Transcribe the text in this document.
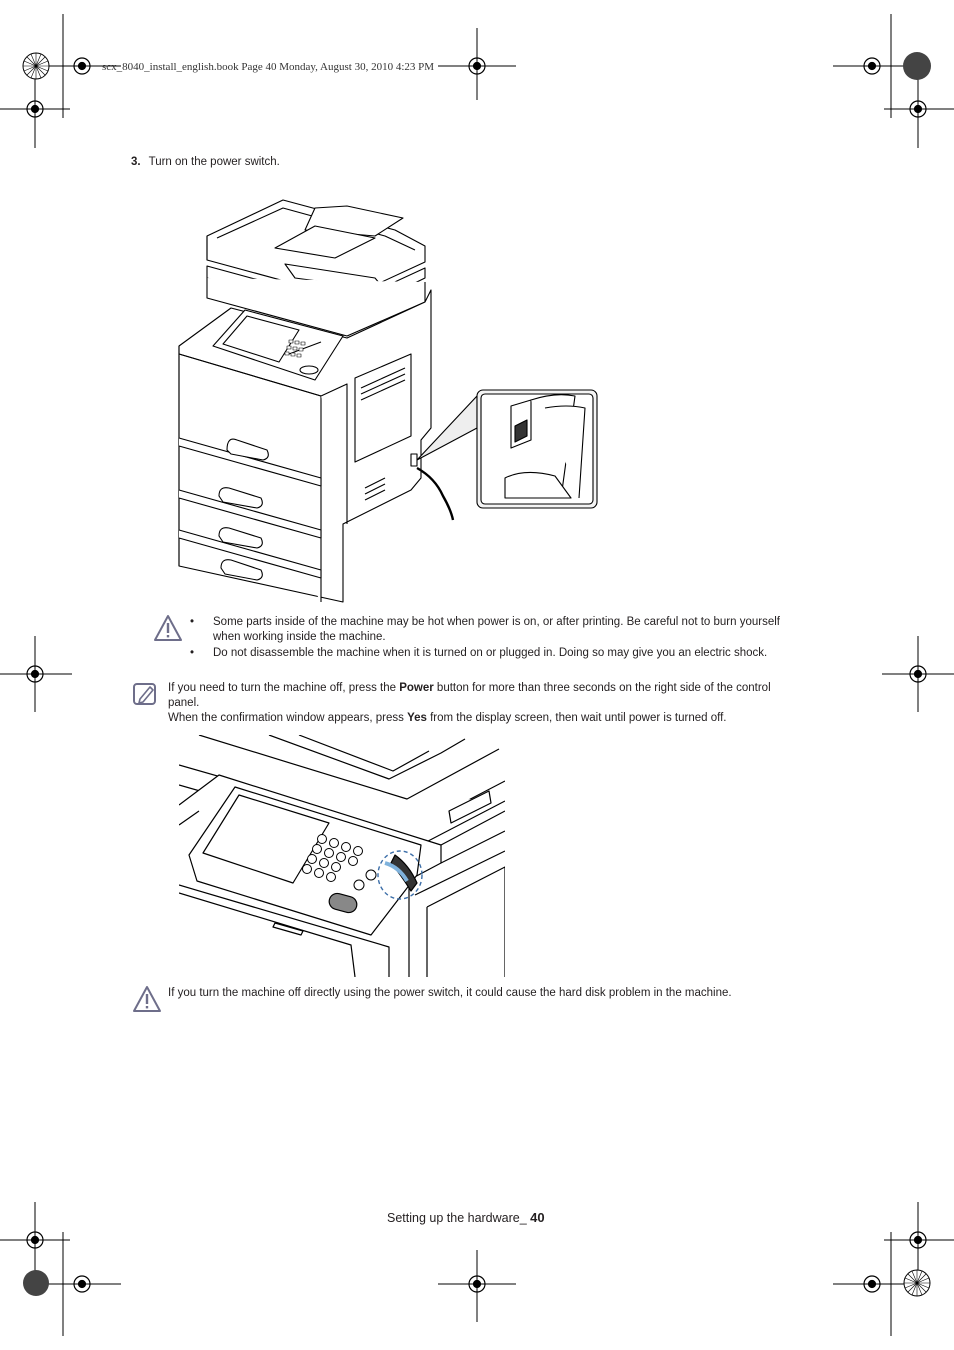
scx_8040_install_english.book Page 40 Monday, August 30, 2010 4:23 PM
3. Turn on the power switch.
• Some parts inside of the machine may be hot when power is on, or after printing. Be careful not to burn yourself when working inside the machine.
• Do not disassemble the machine when it is turned on or plugged in. Doing so may give you an electric shock.

If you need to turn the machine off, press the Power button for more than three seconds on the right side of the control panel.

When the confirmation window appears, press Yes from the display screen, then wait until power is turned off.

If you turn the machine off directly using the power switch, it could cause the hard disk problem in the machine.
Setting up the hardware_ 40
